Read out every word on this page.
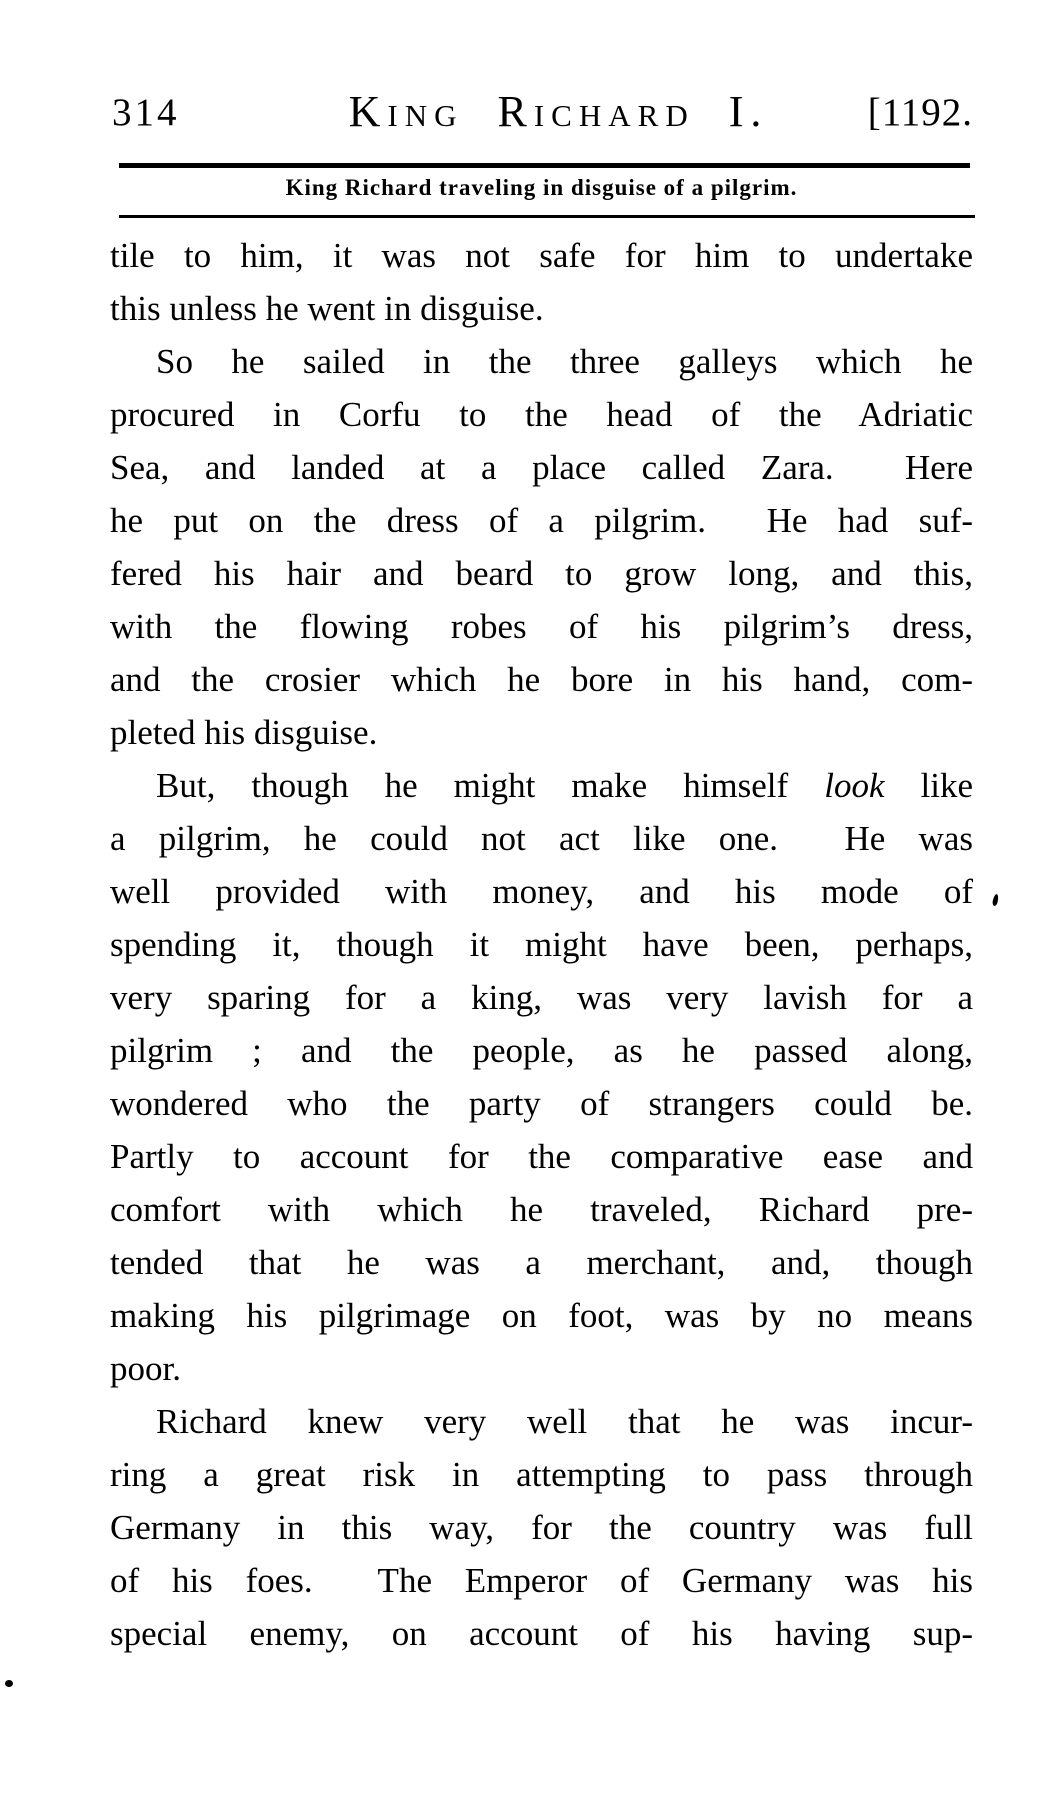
314	King Richard I.	[1192.
King Richard traveling in disguise of a pilgrim.
tile to him, it was not safe for him to undertake
this unless he went in disguise.
So he sailed in the three galleys which he
procured in Corfu to the head of the Adriatic
Sea, and landed at a place called Zara.  Here
he put on the dress of a pilgrim.  He had suf-
fered his hair and beard to grow long, and this,
with the flowing robes of his pilgrim’s dress,
and the crosier which he bore in his hand, com-
pleted his disguise.
But, though he might make himself look like
a pilgrim, he could not act like one.  He was
well provided with money, and his mode of
spending it, though it might have been, perhaps,
very sparing for a king, was very lavish for a
pilgrim ; and the people, as he passed along,
wondered who the party of strangers could be.
Partly to account for the comparative ease and
comfort with which he traveled, Richard pre-
tended that he was a merchant, and, though
making his pilgrimage on foot, was by no means
poor.
Richard knew very well that he was incur-
ring a great risk in attempting to pass through
Germany in this way, for the country was full
of his foes.  The Emperor of Germany was his
special enemy, on account of his having sup-
